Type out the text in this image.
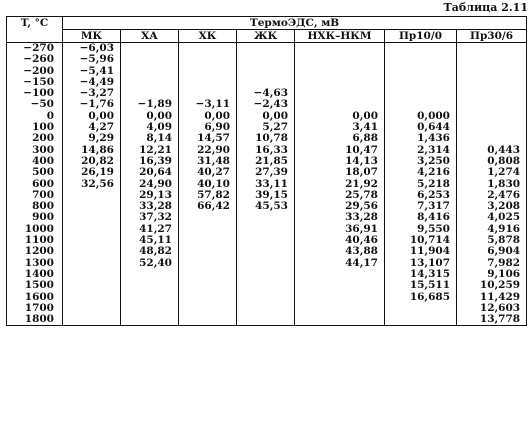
Таблица 2.11
T, °C	ТермоЭДС, мВ						
	МК	ХА	ХК	ЖК	НХК–НКМ	Пр10/0	Пр30/6
−270	−6,03						
−260	−5,96						
−200	−5,41						
−150	−4,49						
−100	−3,27			−4,63			
−50	−1,76	−1,89	−3,11	−2,43			
0	0,00	0,00	0,00	0,00	0,00	0,000	
100	4,27	4,09	6,90	5,27	3,41	0,644	
200	9,29	8,14	14,57	10,78	6,88	1,436	
300	14,86	12,21	22,90	16,33	10,47	2,314	0,443
400	20,82	16,39	31,48	21,85	14,13	3,250	0,808
500	26,19	20,64	40,27	27,39	18,07	4,216	1,274
600	32,56	24,90	40,10	33,11	21,92	5,218	1,830
700		29,13	57,82	39,15	25,78	6,253	2,476
800		33,28	66,42	45,53	29,56	7,317	3,208
900		37,32			33,28	8,416	4,025
1000		41,27			36,91	9,550	4,916
1100		45,11			40,46	10,714	5,878
1200		48,82			43,88	11,904	6,904
1300		52,40			44,17	13,107	7,982
1400						14,315	9,106
1500						15,511	10,259
1600						16,685	11,429
1700							12,603
1800							13,778
